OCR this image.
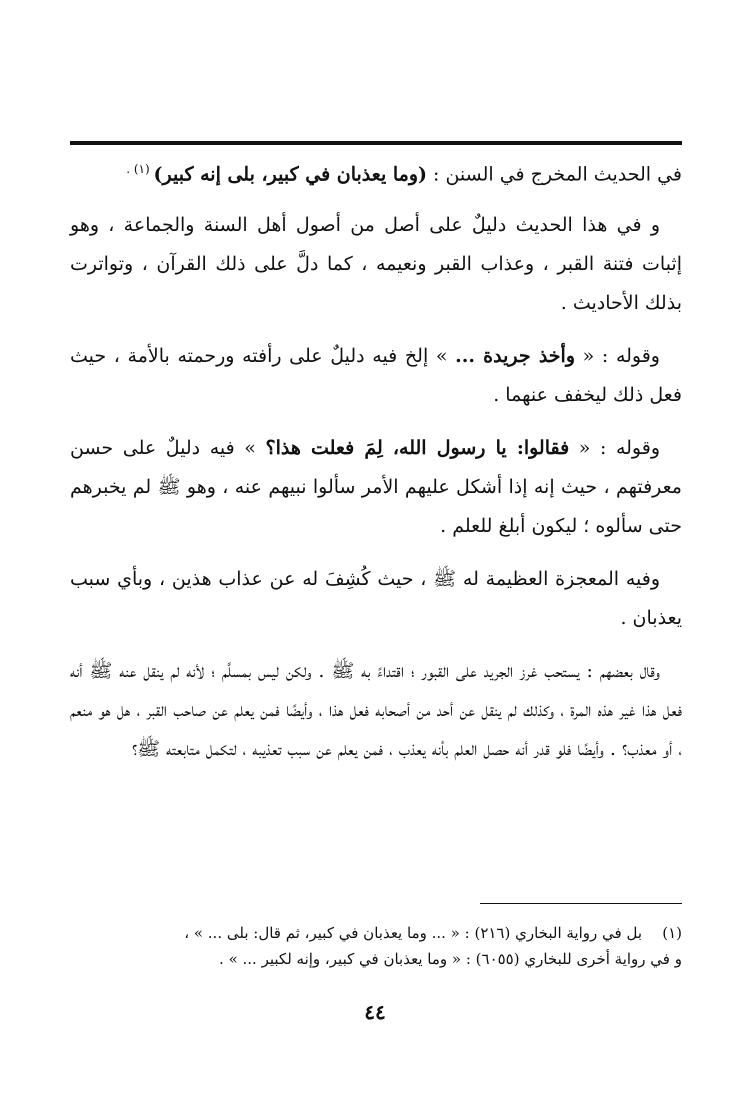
في الحديث المخرج في السنن : (وما يعذبان في كبير، بلى إنه كبير) $^{(١) .}$

و في هذا الحديث دليلٌ على أصل من أصول أهل السنة والجماعة ، وهو إثبات فتنة القبر ، وعذاب القبر ونعيمه ، كما دلَّ على ذلك القرآن ، وتواترت بذلك الأحاديث .

وقوله : « وأخذ جريدة ... » إلخ فيه دليلٌ على رأفته ورحمته بالأمة ، حيث فعل ذلك ليخفف عنهما .

وقوله : « فقالوا: يا رسول الله، لِمَ فعلت هذا؟ » فيه دليلٌ على حسن معرفتهم ، حيث إنه إذا أشكل عليهم الأمر سألوا نبيهم عنه ، وهو ﷺ لم يخبرهم حتى سألوه ؛ ليكون أبلغ للعلم .

وفيه المعجزة العظيمة له ﷺ ، حيث كُشِفَ له عن عذاب هذين ، وبأي سبب يعذبان .

وقال بعضهم : يستحب غرز الجريد على القبور ؛ اقتداءً به ﷺ . ولكن ليس بمسلَّم ؛ لأنه لم ينقل عنه ﷺ أنه فعل هذا غير هذه المرة ، وكذلك لم ينقل عن أحد من أصحابه فعل هذا ، وأيضًا فمن يعلم عن صاحب القبر ، هل هو منعم ، أو معذب؟ . وأيضًا فلو قدر أنه حصل العلم بأنه يعذب ، فمن يعلم عن سبب تعذيبه ، لتكمل متابعته ﷺ؟

(١)بل في رواية البخاري (٢١٦) : « ... وما يعذبان في كبير، ثم قال: بلى ... » ،
و في رواية أخرى للبخاري (٦٠٥٥) : « وما يعذبان في كبير، وإنه لكبير ... » .
٤٤
